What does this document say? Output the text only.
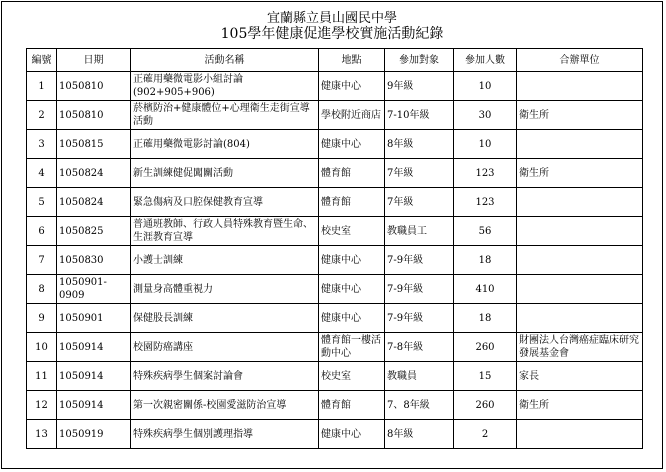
宜蘭縣立員山國民中學
105學年健康促進學校實施活動紀錄
編號	日期	活動名稱	地點	參加對象	參加人數	合辦單位
1	1050810	正確用藥微電影小組討論(902+905+906)	健康中心	9年級	10	
2	1050810	菸檳防治+健康體位+心理衛生走街宣導活動	學校附近商店	7-10年級	30	衛生所
3	1050815	正確用藥微電影討論(804)	健康中心	8年級	10	
4	1050824	新生訓練健促闖關活動	體育館	7年級	123	衛生所
5	1050824	緊急傷病及口腔保健教育宣導	體育館	7年級	123	
6	1050825	普通班教師、行政人員特殊教育暨生命、生涯教育宣導	校史室	教職員工	56	
7	1050830	小護士訓練	健康中心	7-9年級	18	
8	1050901-0909	測量身高體重視力	健康中心	7-9年級	410	
9	1050901	保健股長訓練	健康中心	7-9年級	18	
10	1050914	校園防癌講座	體育館一樓活動中心	7-8年級	260	財團法人台灣癌症臨床研究發展基金會
11	1050914	特殊疾病學生個案討論會	校史室	教職員	15	家長
12	1050914	第一次親密關係-校園愛滋防治宣導	體育館	7、8年級	260	衛生所
13	1050919	特殊疾病學生個別護理指導	健康中心	8年級	2	
